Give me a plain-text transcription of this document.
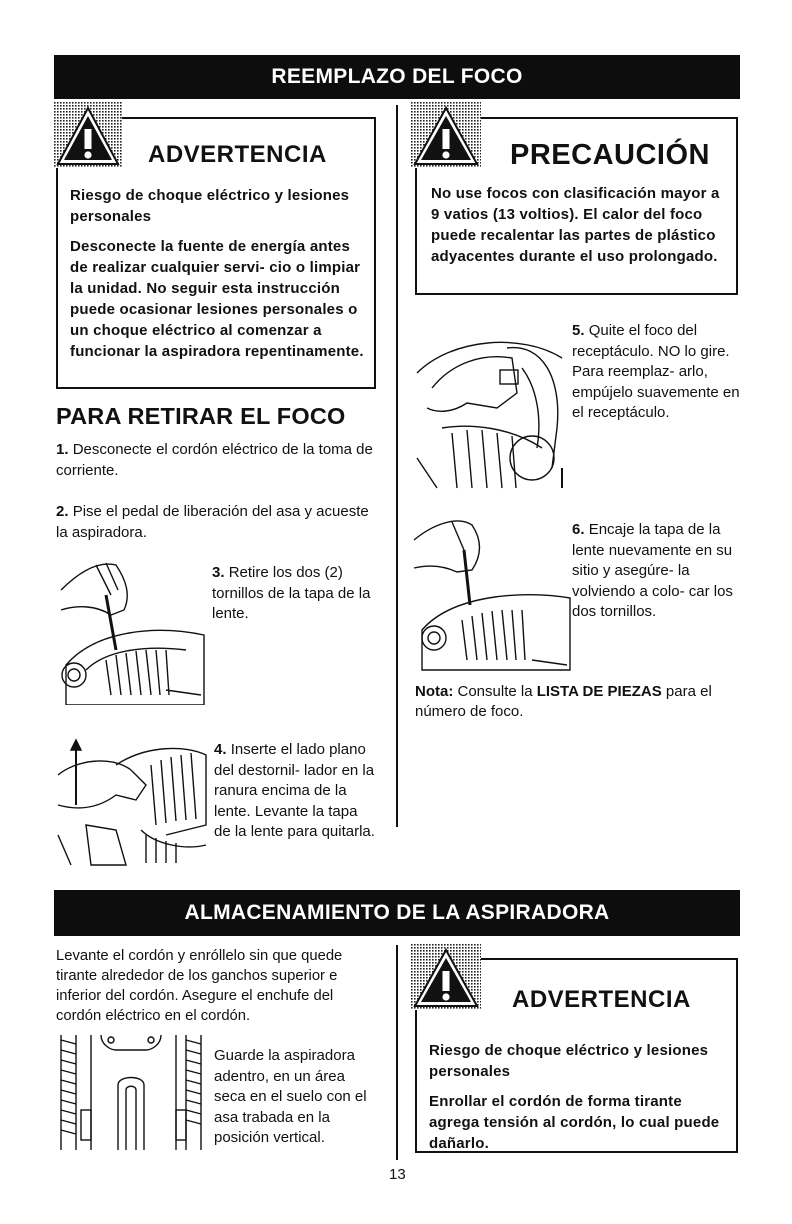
REEMPLAZO DEL FOCO
ADVERTENCIA

Riesgo de choque eléctrico y lesiones personales

Desconecte la fuente de energía antes de realizar cualquier servi- cio o limpiar la unidad. No seguir esta instrucción puede ocasionar lesiones personales o un choque eléctrico al comenzar a funcionar la aspiradora repentinamente.

PRECAUCIÓN

No use focos con clasificación mayor a 9 vatios (13 voltios). El calor del foco puede recalentar las partes de plástico adyacentes durante el uso prolongado.

PARA RETIRAR EL FOCO
1. Desconecte el cordón eléctrico de la toma de corriente.
2. Pise el pedal de liberación del asa y acueste la aspiradora.
3. Retire los dos (2) tornillos de la tapa de la lente.
4. Inserte el lado plano del destornil- lador en la ranura encima de la lente. Levante la tapa de la lente para quitarla.
5. Quite el foco del receptáculo. NO lo gire. Para reemplaz- arlo, empújelo suavemente en el receptáculo.
6. Encaje la tapa de la lente nuevamente en su sitio y asegúre- la volviendo a colo- car los dos tornillos.
Nota: Consulte la LISTA DE PIEZAS para el número de foco.
ALMACENAMIENTO DE LA ASPIRADORA
Levante el cordón y enróllelo sin que quede tirante alrededor de los ganchos superior e inferior del cordón. Asegure el enchufe del cordón eléctrico en el cordón.
Guarde la aspiradora adentro, en un área seca en el suelo con el asa trabada en la posición vertical.
ADVERTENCIA

Riesgo de choque eléctrico y lesiones personales

Enrollar el cordón de forma tirante agrega tensión al cordón, lo cual puede dañarlo.

13
